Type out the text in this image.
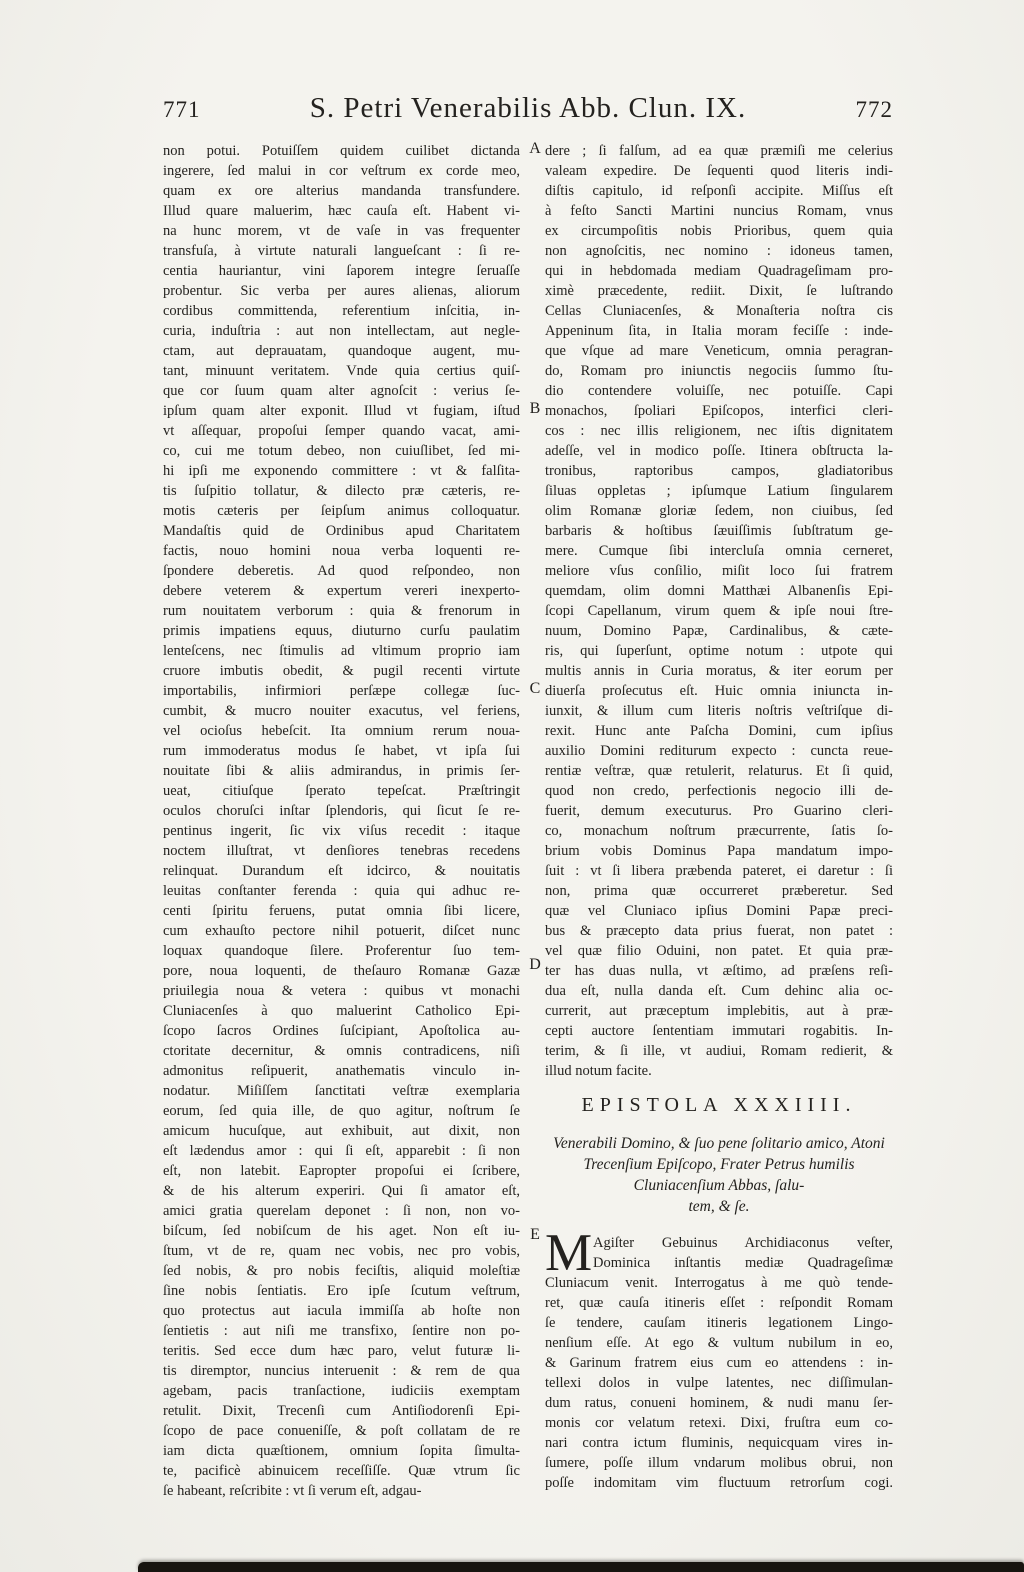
771	S. Petri Venerabilis Abb. Clun. IX.	772
non potui. Potuiſſem quidem cuilibet dictanda
ingerere, ſed malui in cor veſtrum ex corde meo,
quam ex ore alterius mandanda transfundere.
Illud quare maluerim, hæc cauſa eſt. Habent vi-
na hunc morem, vt de vaſe in vas frequenter
transfuſa, à virtute naturali langueſcant : ſi re-
centia hauriantur, vini ſaporem integre ſeruaſſe
probentur. Sic verba per aures alienas, aliorum
cordibus committenda, referentium inſcitia, in-
curia, induſtria : aut non intellectam, aut negle-
ctam, aut deprauatam, quandoque augent, mu-
tant, minuunt veritatem. Vnde quia certius quiſ-
que cor ſuum quam alter agnoſcit : verius ſe-
ipſum quam alter exponit. Illud vt fugiam, iſtud
vt aſſequar, propoſui ſemper quando vacat, ami-
co, cui me totum debeo, non cuiuſlibet, ſed mi-
hi ipſi me exponendo committere : vt & falſita-
tis ſuſpitio tollatur, & dilecto præ cæteris, re-
motis cæteris per ſeipſum animus colloquatur.
Mandaſtis quid de Ordinibus apud Charitatem
factis, nouo homini noua verba loquenti re-
ſpondere deberetis. Ad quod reſpondeo, non
debere veterem & expertum vereri inexperto-
rum nouitatem verborum : quia & frenorum in
primis impatiens equus, diuturno curſu paulatim
lenteſcens, nec ſtimulis ad vltimum proprio iam
cruore imbutis obedit, & pugil recenti virtute
importabilis, infirmiori perſæpe collegæ ſuc-
cumbit, & mucro nouiter exacutus, vel feriens,
vel ocioſus hebeſcit. Ita omnium rerum noua-
rum immoderatus modus ſe habet, vt ipſa ſui
nouitate ſibi & aliis admirandus, in primis ſer-
ueat, citiuſque ſperato tepeſcat. Præſtringit
oculos choruſci inſtar ſplendoris, qui ſicut ſe re-
pentinus ingerit, ſic vix viſus recedit : itaque
noctem illuſtrat, vt denſiores tenebras recedens
relinquat. Durandum eſt idcirco, & nouitatis
leuitas conſtanter ferenda : quia qui adhuc re-
centi ſpiritu feruens, putat omnia ſibi licere,
cum exhauſto pectore nihil potuerit, diſcet nunc
loquax quandoque ſilere. Proferentur ſuo tem-
pore, noua loquenti, de theſauro Romanæ Gazæ
priuilegia noua & vetera : quibus vt monachi
Cluniacenſes à quo maluerint Catholico Epi-
ſcopo ſacros Ordines ſuſcipiant, Apoſtolica au-
ctoritate decernitur, & omnis contradicens, niſi
admonitus reſipuerit, anathematis vinculo in-
nodatur. Miſiſſem ſanctitati veſtræ exemplaria
eorum, ſed quia ille, de quo agitur, noſtrum ſe
amicum hucuſque, aut exhibuit, aut dixit, non
eſt lædendus amor : qui ſi eſt, apparebit : ſi non
eſt, non latebit. Eapropter propoſui ei ſcribere,
& de his alterum experiri. Qui ſi amator eſt,
amici gratia querelam deponet : ſi non, non vo-
biſcum, ſed nobiſcum de his aget. Non eſt iu-
ſtum, vt de re, quam nec vobis, nec pro vobis,
ſed nobis, & pro nobis feciſtis, aliquid moleſtiæ
ſine nobis ſentiatis. Ero ipſe ſcutum veſtrum,
quo protectus aut iacula immiſſa ab hoſte non
ſentietis : aut niſi me transfixo, ſentire non po-
teritis. Sed ecce dum hæc paro, velut futuræ li-
tis diremptor, nuncius interuenit : & rem de qua
agebam, pacis tranſactione, iudiciis exemptam
retulit. Dixit, Trecenſi cum Antiſiodorenſi Epi-
ſcopo de pace conueniſſe, & poſt collatam de re
iam dicta quæſtionem, omnium ſopita ſimulta-
te, pacificè abinuicem receſſiſſe. Quæ vtrum ſic
ſe habeant, reſcribite : vt ſi verum eſt, adgau-
dere ; ſi falſum, ad ea quæ præmiſi me celerius
valeam expedire. De ſequenti quod literis indi-
diſtis capitulo, id reſponſi accipite. Miſſus eſt
à feſto Sancti Martini nuncius Romam, vnus
ex circumpoſitis nobis Prioribus, quem quia
non agnoſcitis, nec nomino : idoneus tamen,
qui in hebdomada mediam Quadrageſimam pro-
ximè præcedente, rediit. Dixit, ſe luſtrando
Cellas Cluniacenſes, & Monaſteria noſtra cis
Appeninum ſita, in Italia moram feciſſe : inde-
que vſque ad mare Veneticum, omnia peragran-
do, Romam pro iniunctis negociis ſummo ſtu-
dio contendere voluiſſe, nec potuiſſe. Capi
monachos, ſpoliari Epiſcopos, interfici cleri-
cos : nec illis religionem, nec iſtis dignitatem
adeſſe, vel in modico poſſe. Itinera obſtructa la-
tronibus, raptoribus campos, gladiatoribus
ſiluas oppletas ; ipſumque Latium ſingularem
olim Romanæ gloriæ ſedem, non ciuibus, ſed
barbaris & hoſtibus ſæuiſſimis ſubſtratum ge-
mere. Cumque ſibi intercluſa omnia cerneret,
meliore vſus conſilio, miſit loco ſui fratrem
quemdam, olim domni Matthæi Albanenſis Epi-
ſcopi Capellanum, virum quem & ipſe noui ſtre-
nuum, Domino Papæ, Cardinalibus, & cæte-
ris, qui ſuperſunt, optime notum : utpote qui
multis annis in Curia moratus, & iter eorum per
diuerſa proſecutus eſt. Huic omnia iniuncta in-
iunxit, & illum cum literis noſtris veſtriſque di-
rexit. Hunc ante Paſcha Domini, cum ipſius
auxilio Domini rediturum expecto : cuncta reue-
rentiæ veſtræ, quæ retulerit, relaturus. Et ſi quid,
quod non credo, perfectionis negocio illi de-
fuerit, demum executurus. Pro Guarino cleri-
co, monachum noſtrum præcurrente, ſatis ſo-
brium vobis Dominus Papa mandatum impo-
ſuit : vt ſi libera præbenda pateret, ei daretur : ſi
non, prima quæ occurreret præberetur. Sed
quæ vel Cluniaco ipſius Domini Papæ preci-
bus & præcepto data prius fuerat, non patet :
vel quæ filio Oduini, non patet. Et quia præ-
ter has duas nulla, vt æſtimo, ad præſens reſi-
dua eſt, nulla danda eſt. Cum dehinc alia oc-
currerit, aut præceptum implebitis, aut à præ-
cepti auctore ſententiam immutari rogabitis. In-
terim, & ſi ille, vt audiui, Romam redierit, &
illud notum facite.
EPISTOLA XXXIIII.
Venerabili Domino, & ſuo pene ſolitario amico, Atoni
Trecenſium Epiſcopo, Frater Petrus humilis
Cluniacenſium Abbas, ſalu-
tem, & ſe.
M Agiſter Gebuinus Archidiaconus veſter,
Dominica inſtantis mediæ Quadrageſimæ
Cluniacum venit. Interrogatus à me quò tende-
ret, quæ cauſa itineris eſſet : reſpondit Romam
ſe tendere, cauſam itineris legationem Lingo-
nenſium eſſe. At ego & vultum nubilum in eo,
& Garinum fratrem eius cum eo attendens : in-
tellexi dolos in vulpe latentes, nec diſſimulan-
dum ratus, conueni hominem, & nudi manu ſer-
monis cor velatum retexi. Dixi, fruſtra eum co-
nari contra ictum fluminis, nequicquam vires in-
ſumere, poſſe illum vndarum molibus obrui, non
poſſe indomitam vim fluctuum retrorſum cogi.
A
B
C
D
E
